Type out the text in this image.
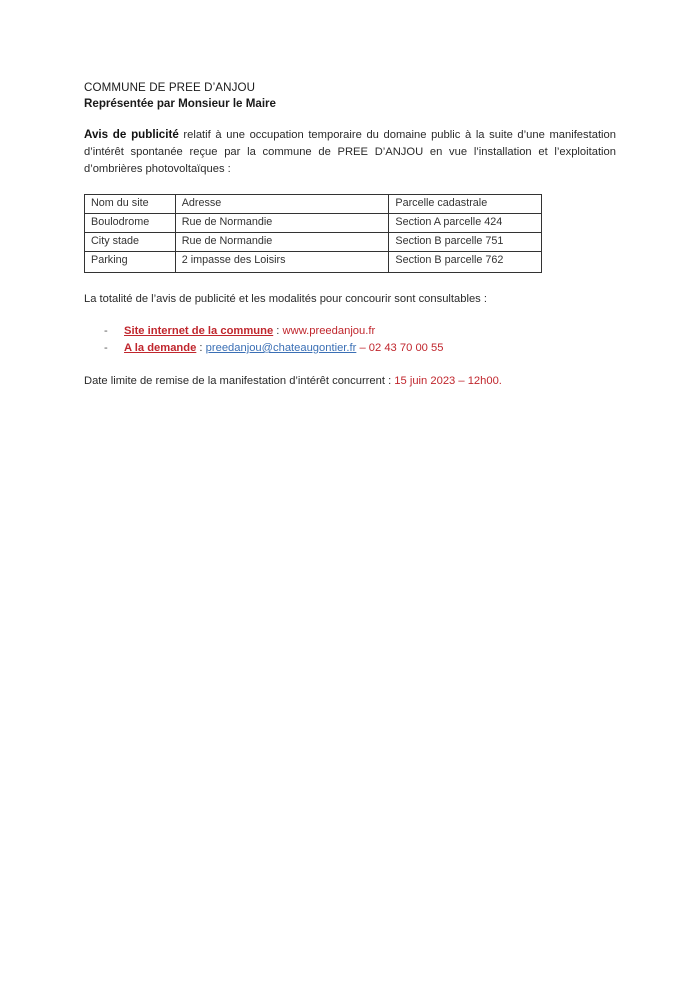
COMMUNE DE PREE D’ANJOU
Représentée par Monsieur le Maire

Avis de publicité relatif à une occupation temporaire du domaine public à la suite d’une manifestation d’intérêt spontanée reçue par la commune de PREE D’ANJOU en vue l’installation et l’exploitation d’ombrières photovoltaïques :

Nom du site	Adresse	Parcelle cadastrale
Boulodrome	Rue de Normandie	Section A parcelle 424
City stade	Rue de Normandie	Section B parcelle 751
Parking	2 impasse des Loisirs	Section B parcelle 762

La totalité de l’avis de publicité et les modalités pour concourir sont consultables :

- Site internet de la commune : www.preedanjou.fr
- A la demande : preedanjou@chateaugontier.fr – 02 43 70 00 55

Date limite de remise de la manifestation d’intérêt concurrent : 15 juin 2023 – 12h00.
